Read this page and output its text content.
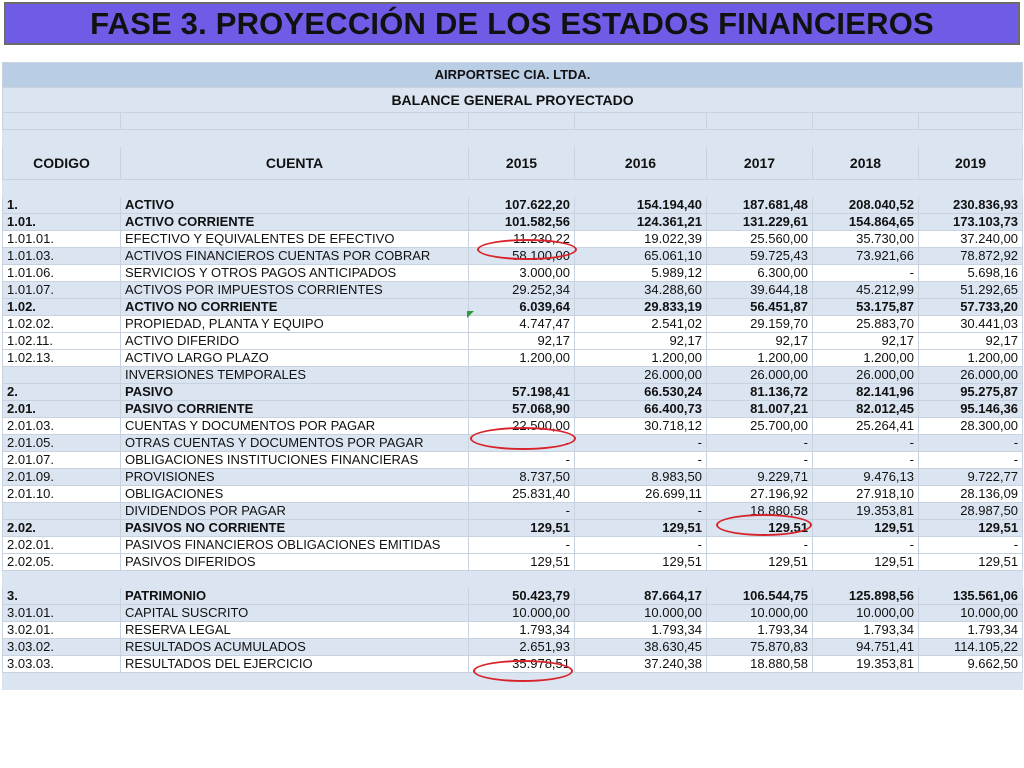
FASE 3. PROYECCIÓN DE LOS ESTADOS FINANCIEROS
AIRPORTSEC CIA. LTDA.						
BALANCE GENERAL PROYECTADO						

CODIGO	CUENTA	2015	2016	2017	2018	2019

1.	ACTIVO	107.622,20	154.194,40	187.681,48	208.040,52	230.836,93
1.01.	ACTIVO CORRIENTE	101.582,56	124.361,21	131.229,61	154.864,65	173.103,73
1.01.01.	EFECTIVO Y EQUIVALENTES DE EFECTIVO	11.230,22	19.022,39	25.560,00	35.730,00	37.240,00
1.01.03.	ACTIVOS FINANCIEROS CUENTAS POR COBRAR	58.100,00	65.061,10	59.725,43	73.921,66	78.872,92
1.01.06.	SERVICIOS Y OTROS PAGOS ANTICIPADOS	3.000,00	5.989,12	6.300,00	-	5.698,16
1.01.07.	ACTIVOS POR IMPUESTOS CORRIENTES	29.252,34	34.288,60	39.644,18	45.212,99	51.292,65
1.02.	ACTIVO NO CORRIENTE	6.039,64	29.833,19	56.451,87	53.175,87	57.733,20
1.02.02.	PROPIEDAD, PLANTA Y EQUIPO	4.747,47	2.541,02	29.159,70	25.883,70	30.441,03
1.02.11.	ACTIVO DIFERIDO	92,17	92,17	92,17	92,17	92,17
1.02.13.	ACTIVO LARGO PLAZO	1.200,00	1.200,00	1.200,00	1.200,00	1.200,00
	INVERSIONES TEMPORALES		26.000,00	26.000,00	26.000,00	26.000,00
2.	PASIVO	57.198,41	66.530,24	81.136,72	82.141,96	95.275,87
2.01.	PASIVO CORRIENTE	57.068,90	66.400,73	81.007,21	82.012,45	95.146,36
2.01.03.	CUENTAS Y DOCUMENTOS POR PAGAR	22.500,00	30.718,12	25.700,00	25.264,41	28.300,00
2.01.05.	OTRAS CUENTAS Y DOCUMENTOS POR PAGAR	-	-	-	-	-
2.01.07.	OBLIGACIONES INSTITUCIONES FINANCIERAS	-	-	-	-	-
2.01.09.	PROVISIONES	8.737,50	8.983,50	9.229,71	9.476,13	9.722,77
2.01.10.	OBLIGACIONES	25.831,40	26.699,11	27.196,92	27.918,10	28.136,09
	DIVIDENDOS POR PAGAR	-	-	18.880,58	19.353,81	28.987,50
2.02.	PASIVOS NO CORRIENTE	129,51	129,51	129,51	129,51	129,51
2.02.01.	PASIVOS FINANCIEROS OBLIGACIONES EMITIDAS	-	-	-	-	-
2.02.05.	PASIVOS DIFERIDOS	129,51	129,51	129,51	129,51	129,51

3.	PATRIMONIO	50.423,79	87.664,17	106.544,75	125.898,56	135.561,06
3.01.01.	CAPITAL SUSCRITO	10.000,00	10.000,00	10.000,00	10.000,00	10.000,00
3.02.01.	RESERVA LEGAL	1.793,34	1.793,34	1.793,34	1.793,34	1.793,34
3.03.02.	RESULTADOS ACUMULADOS	2.651,93	38.630,45	75.870,83	94.751,41	114.105,22
3.03.03.	RESULTADOS DEL EJERCICIO	35.978,51	37.240,38	18.880,58	19.353,81	9.662,50
